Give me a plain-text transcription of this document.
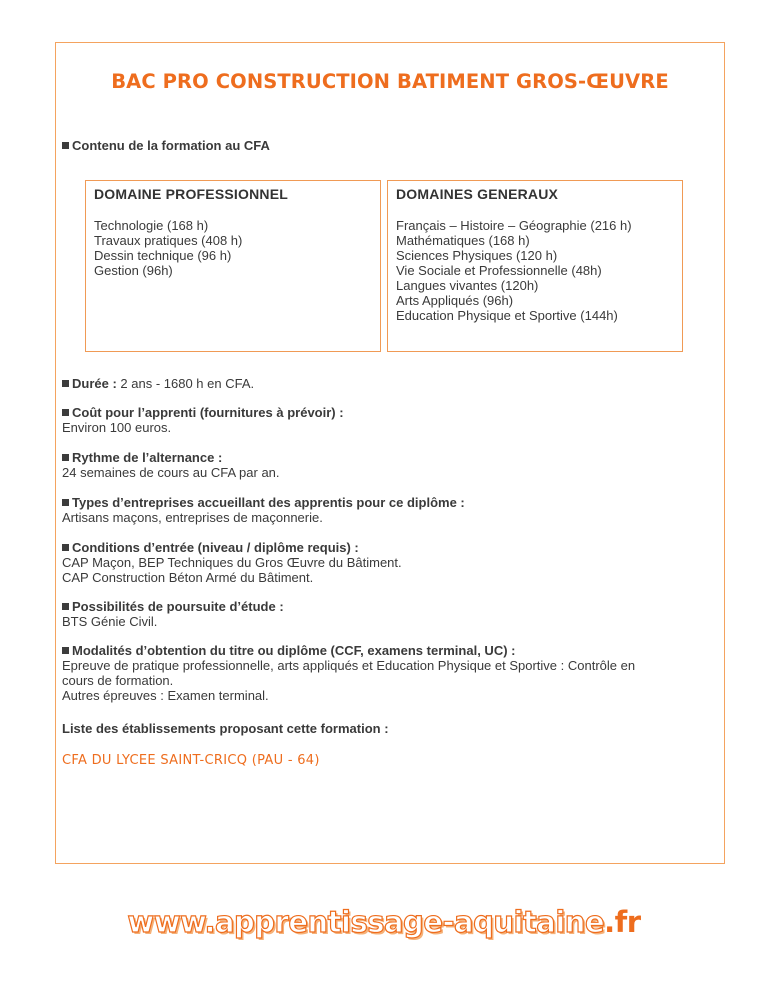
BAC PRO CONSTRUCTION BATIMENT GROS-ŒUVRE
Contenu de la formation au CFA
DOMAINE PROFESSIONNEL
Technologie (168 h)
Travaux pratiques (408 h)
Dessin technique (96 h)
Gestion (96h)
DOMAINES GENERAUX
Français – Histoire – Géographie (216 h)
Mathématiques (168 h)
Sciences Physiques (120 h)
Vie Sociale et Professionnelle (48h)
Langues vivantes (120h)
Arts Appliqués (96h)
Education Physique et Sportive (144h)
Durée : 2 ans - 1680 h en CFA.
Coût pour l’apprenti (fournitures à prévoir) :
Environ 100 euros.
Rythme de l’alternance :
24 semaines de cours au CFA par an.
Types d’entreprises accueillant des apprentis pour ce diplôme :
Artisans maçons, entreprises de maçonnerie.
Conditions d’entrée (niveau / diplôme requis) :
CAP Maçon, BEP Techniques du Gros Œuvre du Bâtiment.
CAP Construction Béton Armé du Bâtiment.
Possibilités de poursuite d’étude :
BTS Génie Civil.
Modalités d’obtention du titre ou diplôme (CCF, examens terminal, UC) :
Epreuve de pratique professionnelle, arts appliqués et Education Physique et Sportive : Contrôle en
cours de formation.
Autres épreuves : Examen terminal.
Liste des établissements proposant cette formation :
CFA DU LYCEE SAINT-CRICQ (PAU - 64)
www.apprentissage-aquitaine.fr
